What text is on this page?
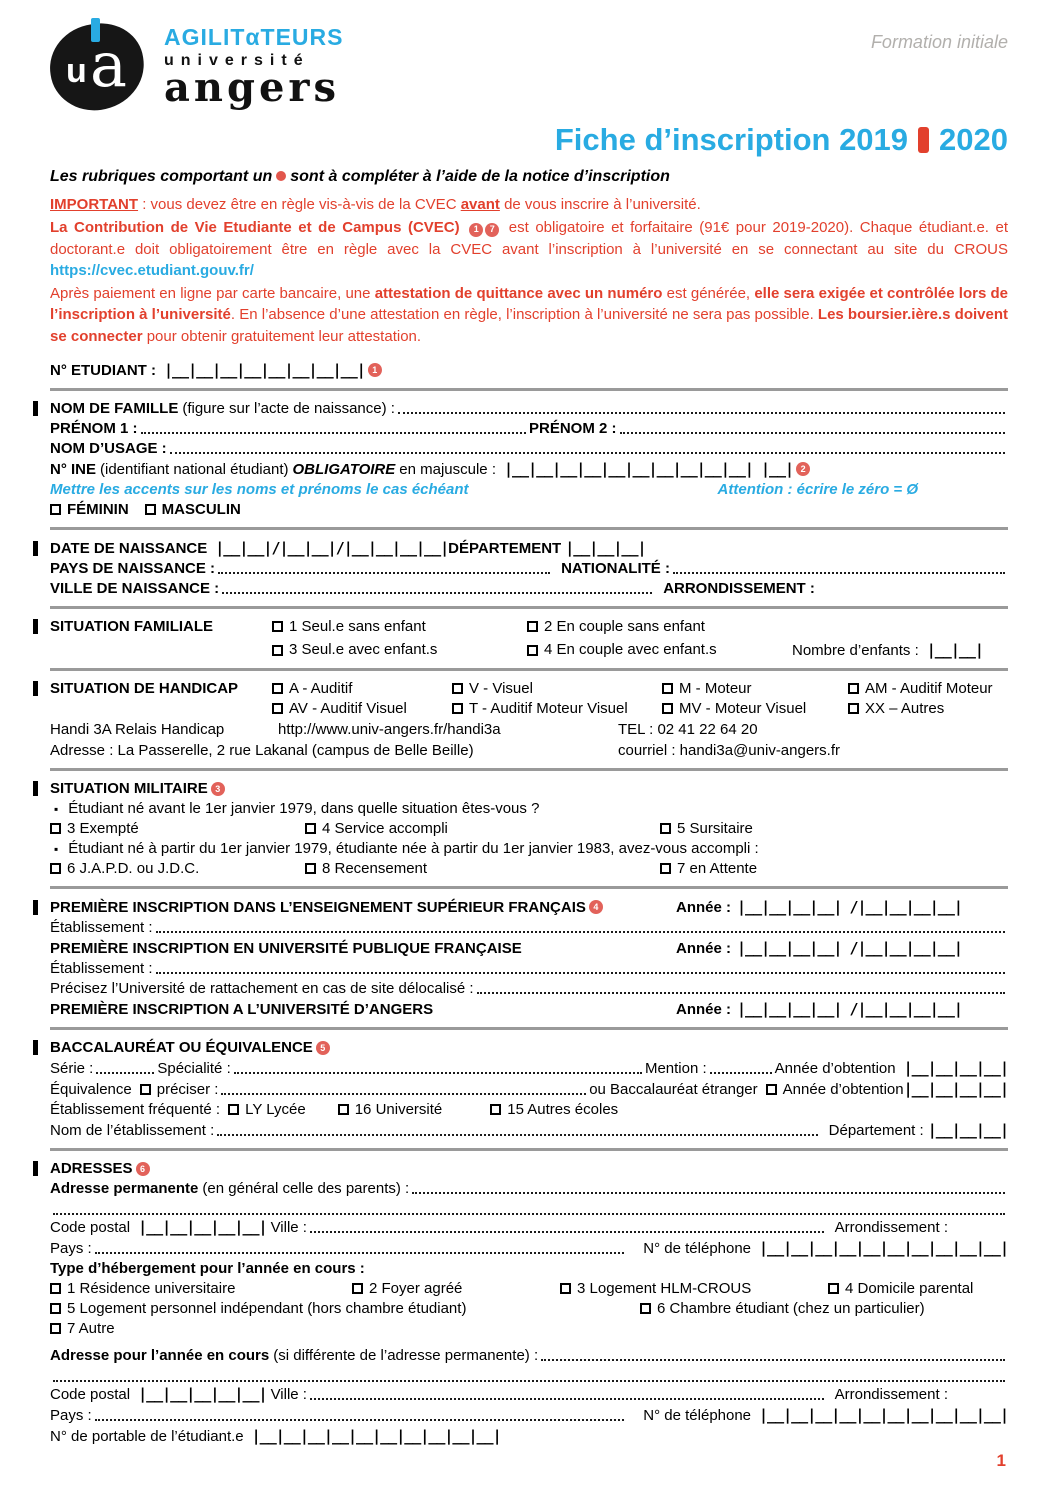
u a AGILITαTEURS
université
angers
Formation initiale
Fiche d’inscription 2019 2020
Les rubriques comportant un sont à compléter à l’aide de la notice d’inscription
IMPORTANT : vous devez être en règle vis-à-vis de la CVEC avant de vous inscrire à l’université.
La Contribution de Vie Etudiante et de Campus (CVEC) 1 7 est obligatoire et forfaitaire (91€ pour 2019-2020). Chaque étudiant.e. et doctorant.e doit obligatoirement être en règle avec la CVEC avant l’inscription à l’université en se connectant au site du CROUS https://cvec.etudiant.gouv.fr/
Après paiement en ligne par carte bancaire, une attestation de quittance avec un numéro est générée, elle sera exigée et contrôlée lors de l’inscription à l’université. En l’absence d’une attestation en règle, l’inscription à l’université ne sera pas possible. Les boursier.ière.s doivent se connecter pour obtenir gratuitement leur attestation.
N° ETUDIANT : |__|__|__|__|__|__|__|__| 1
NOM DE FAMILLE (figure sur l’acte de naissance) :
PRÉNOM 1 :	PRÉNOM 2 :
NOM D’USAGE :
N° INE (identifiant national étudiant) OBLIGATOIRE en majuscule : |__|__|__|__|__|__|__|__|__|__| |__| 2
Mettre les accents sur les noms et prénoms le cas échéant	Attention : écrire le zéro = Ø
FÉMININ MASCULIN
DATE DE NAISSANCE |__|__|/|__|__|/|__|__|__|__| DÉPARTEMENT |__|__|__|
PAYS DE NAISSANCE :	NATIONALITÉ :
VILLE DE NAISSANCE :	ARRONDISSEMENT :
SITUATION FAMILIALE	1 Seul.e sans enfant	2 En couple sans enfant
3 Seul.e avec enfant.s	4 En couple avec enfant.s	Nombre d’enfants : |__|__|
SITUATION DE HANDICAP	A - Auditif	V - Visuel	M - Moteur	AM - Auditif Moteur
AV - Auditif Visuel	T - Auditif Moteur Visuel	MV - Moteur Visuel	XX – Autres
Handi 3A Relais Handicap	http://www.univ-angers.fr/handi3a	TEL : 02 41 22 64 20
Adresse : La Passerelle, 2 rue Lakanal (campus de Belle Beille)	courriel : handi3a@univ-angers.fr
SITUATION MILITAIRE 3
▪ Étudiant né avant le 1er janvier 1979, dans quelle situation êtes-vous ?
3 Exempté	4 Service accompli	5 Sursitaire
▪ Étudiant né à partir du 1er janvier 1979, étudiante née à partir du 1er janvier 1983, avez-vous accompli :
6 J.A.P.D. ou J.D.C.	8 Recensement	7 en Attente
PREMIÈRE INSCRIPTION DANS L’ENSEIGNEMENT SUPÉRIEUR FRANÇAIS 4	Année : |__|__|__|__| /|__|__|__|__|
Établissement :
PREMIÈRE INSCRIPTION EN UNIVERSITÉ PUBLIQUE FRANÇAISE	Année : |__|__|__|__| /|__|__|__|__|
Établissement :
Précisez l’Université de rattachement en cas de site délocalisé :
PREMIÈRE INSCRIPTION A L’UNIVERSITÉ D’ANGERS	Année : |__|__|__|__| /|__|__|__|__|
BACCALAURÉAT OU ÉQUIVALENCE 5
Série :	Spécialité :	Mention :	Année d’obtention |__|__|__|__|
Équivalence préciser :	ou Baccalauréat étranger Année d’obtention |__|__|__|__|
Établissement fréquenté : LY Lycée	16 Université	15 Autres écoles
Nom de l’établissement :	Département : |__|__|__|
ADRESSES 6
Adresse permanente (en général celle des parents) :
Code postal |__|__|__|__|__| Ville :	Arrondissement :
Pays :	N° de téléphone |__|__|__|__|__|__|__|__|__|__|
Type d’hébergement pour l’année en cours :
1 Résidence universitaire	2 Foyer agréé	3 Logement HLM-CROUS	4 Domicile parental
5 Logement personnel indépendant (hors chambre étudiant)	6 Chambre étudiant (chez un particulier)
7 Autre
Adresse pour l’année en cours (si différente de l’adresse permanente) :
Code postal |__|__|__|__|__| Ville :	Arrondissement :
Pays :	N° de téléphone |__|__|__|__|__|__|__|__|__|__|
N° de portable de l’étudiant.e |__|__|__|__|__|__|__|__|__|__|
1
